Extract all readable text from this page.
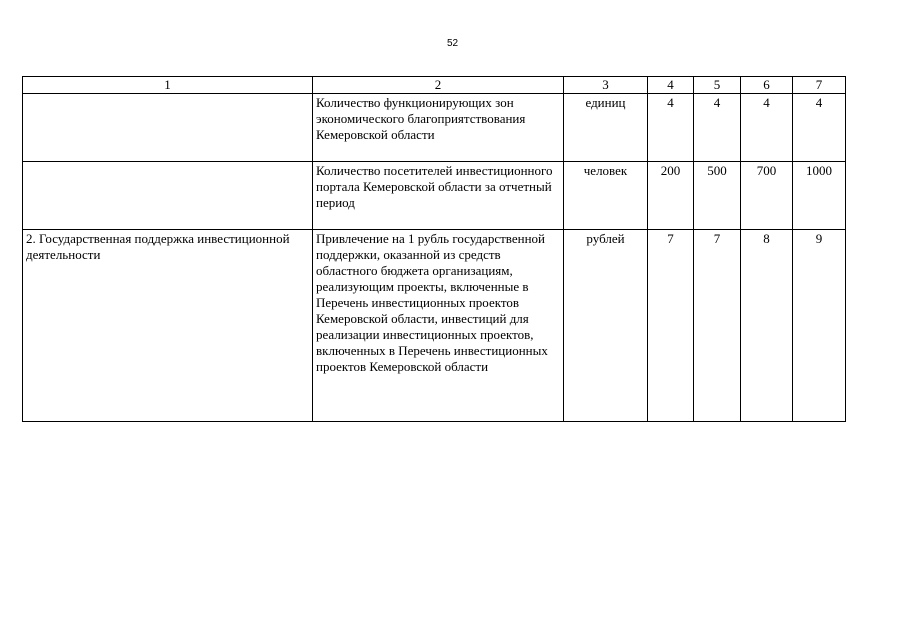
52
1	2	3	4	5	6	7
	Количество функционирующих зон экономического благоприятствования Кемеровской области	единиц	4	4	4	4
	Количество посетителей инвестиционного портала Кемеровской области за отчетный период	человек	200	500	700	1000
2. Государственная поддержка инвестиционной деятельности	Привлечение на 1 рубль государственной поддержки, оказанной из средств областного бюджета организациям, реализующим проекты, включенные в Перечень инвестиционных проектов Кемеровской области, инвестиций для реализации инвестиционных проектов, включенных в Перечень инвестиционных проектов Кемеровской области	рублей	7	7	8	9
